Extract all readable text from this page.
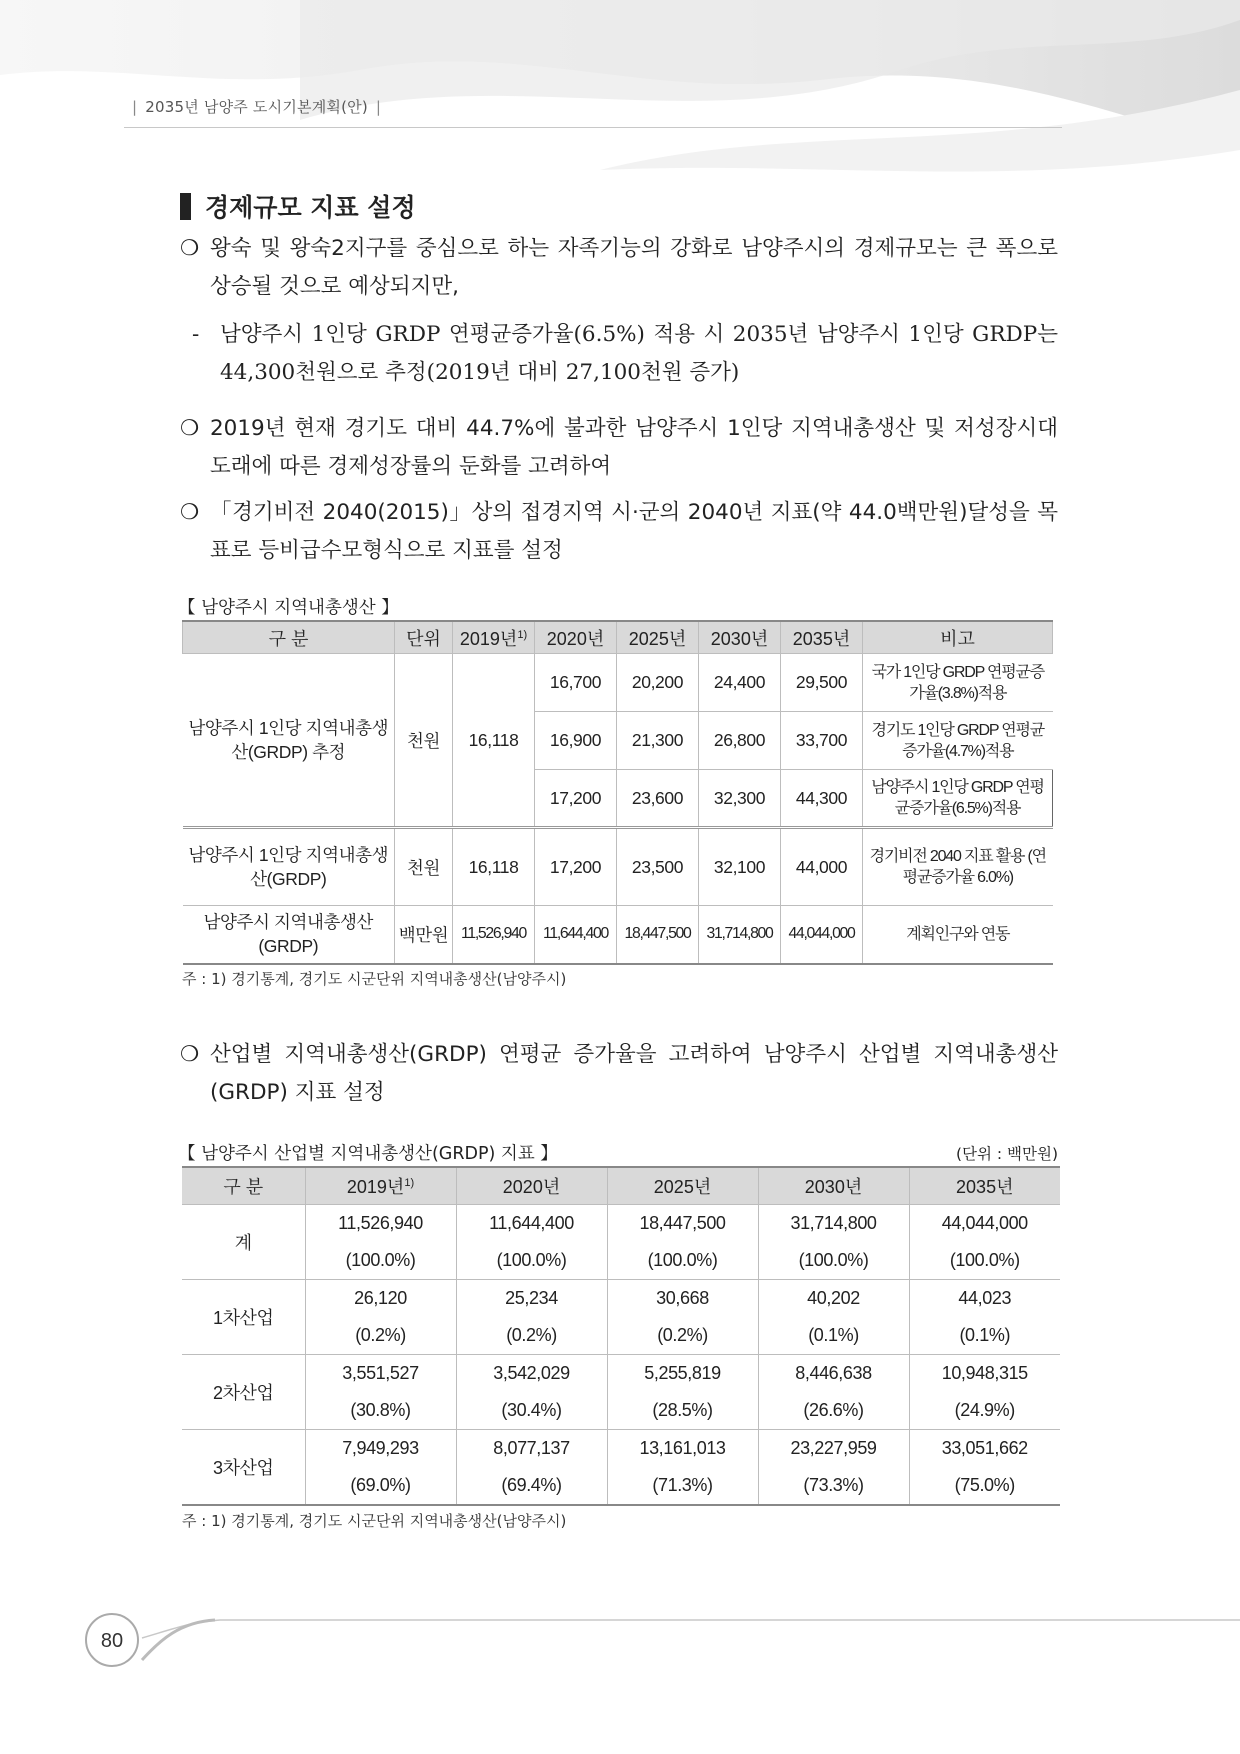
| 2035년 남양주 도시기본계획(안) |
경제규모 지표 설정
❍ 왕숙 및 왕숙2지구를 중심으로 하는 자족기능의 강화로 남양주시의 경제규모는 큰 폭으로 상승될 것으로 예상되지만,
- 남양주시 1인당 GRDP 연평균증가율(6.5%) 적용 시 2035년 남양주시 1인당 GRDP는 44,300천원으로 추정(2019년 대비 27,100천원 증가)
❍ 2019년 현재 경기도 대비 44.7%에 불과한 남양주시 1인당 지역내총생산 및 저성장시대 도래에 따른 경제성장률의 둔화를 고려하여
❍ 「경기비전 2040(2015)」상의 접경지역 시·군의 2040년 지표(약 44.0백만원)달성을 목표로 등비급수모형식으로 지표를 설정
【 남양주시 지역내총생산 】
구 분	단위	2019년$^{1)}$	2020년	2025년	2030년	2035년	비고
남양주시 1인당 지역내총생산(GRDP) 추정	천원	16,118	16,700	20,200	24,400	29,500	국가 1인당 GRDP 연평균증가율(3.8%)적용
			16,900	21,300	26,800	33,700	경기도 1인당 GRDP 연평균증가율(4.7%)적용
			17,200	23,600	32,300	44,300	남양주시 1인당 GRDP 연평균증가율(6.5%)적용
남양주시 1인당 지역내총생산(GRDP)	천원	16,118	17,200	23,500	32,100	44,000	경기비전 2040 지표 활용 (연평균증가율 6.0%)
남양주시 지역내총생산(GRDP)	백만원	11,526,940	11,644,400	18,447,500	31,714,800	44,044,000	계획인구와 연동
주 : 1) 경기통계, 경기도 시군단위 지역내총생산(남양주시)
❍ 산업별 지역내총생산(GRDP) 연평균 증가율을 고려하여 남양주시 산업별 지역내총생산(GRDP) 지표 설정
【 남양주시 산업별 지역내총생산(GRDP) 지표 】	(단위 : 백만원)
구 분	2019년$^{1)}$	2020년	2025년	2030년	2035년
계	11,526,940	11,644,400	18,447,500	31,714,800	44,044,000
	(100.0%)	(100.0%)	(100.0%)	(100.0%)	(100.0%)
1차산업	26,120	25,234	30,668	40,202	44,023
	(0.2%)	(0.2%)	(0.2%)	(0.1%)	(0.1%)
2차산업	3,551,527	3,542,029	5,255,819	8,446,638	10,948,315
	(30.8%)	(30.4%)	(28.5%)	(26.6%)	(24.9%)
3차산업	7,949,293	8,077,137	13,161,013	23,227,959	33,051,662
	(69.0%)	(69.4%)	(71.3%)	(73.3%)	(75.0%)
주 : 1) 경기통계, 경기도 시군단위 지역내총생산(남양주시)
80
